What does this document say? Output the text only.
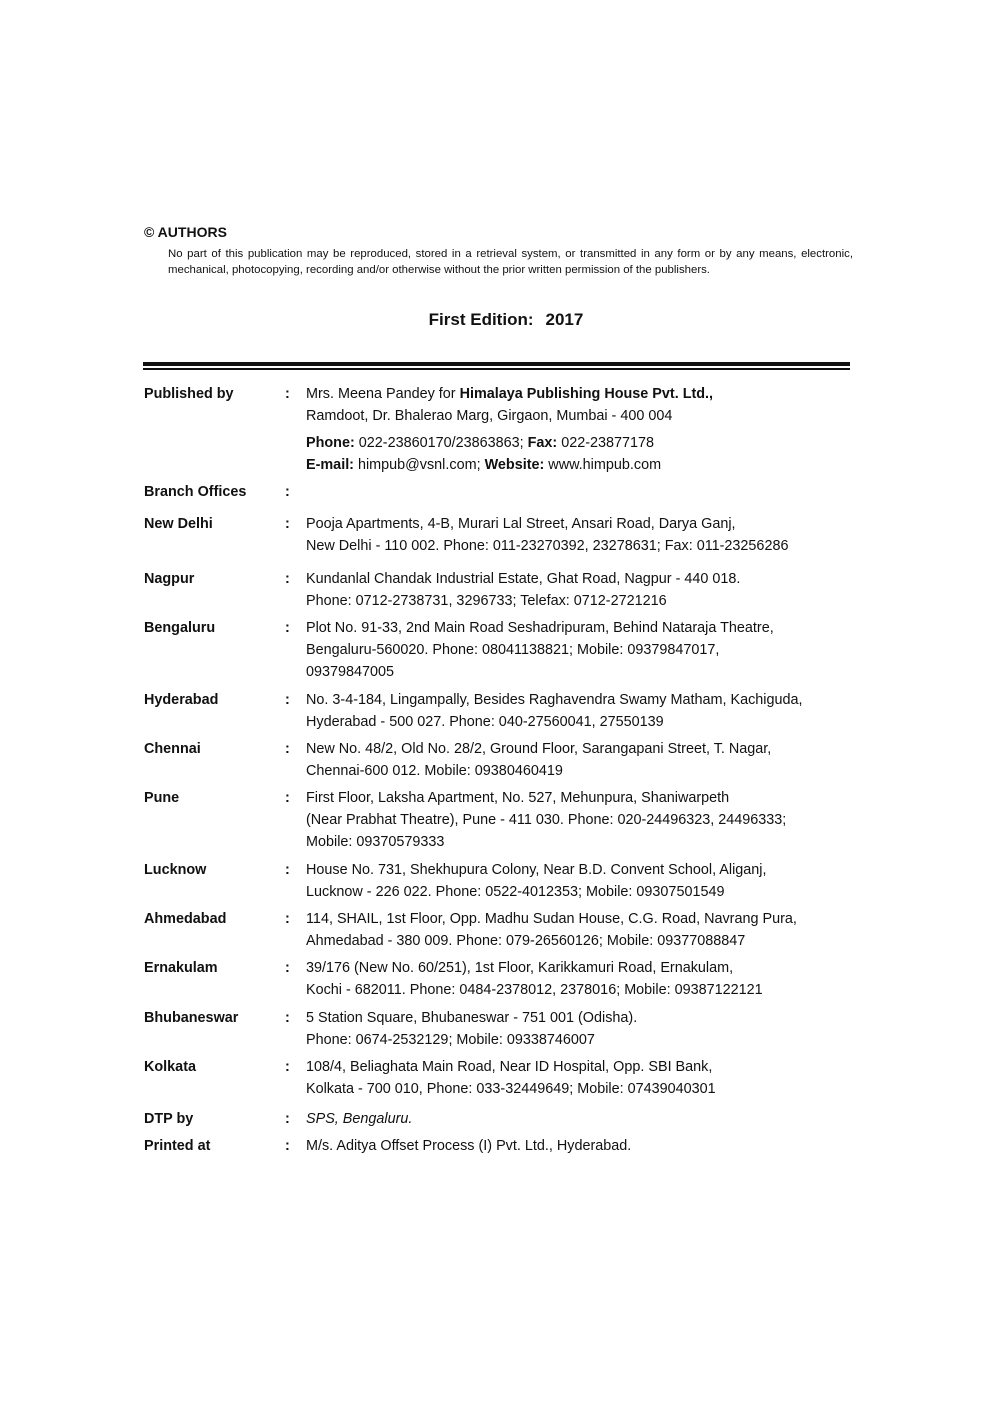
© AUTHORS
No part of this publication may be reproduced, stored in a retrieval system, or transmitted in any form or by any means, electronic, mechanical, photocopying, recording and/or otherwise without the prior written permission of the publishers.
First Edition: 2017
Published by	: Mrs. Meena Pandey for Himalaya Publishing House Pvt. Ltd.,
Ramdoot, Dr. Bhalerao Marg, Girgaon, Mumbai - 400 004
Phone: 022-23860170/23863863; Fax: 022-23877178
E-mail: himpub@vsnl.com; Website: www.himpub.com
Branch Offices	:
New Delhi	: Pooja Apartments, 4-B, Murari Lal Street, Ansari Road, Darya Ganj,
New Delhi - 110 002. Phone: 011-23270392, 23278631; Fax: 011-23256286
Nagpur	: Kundanlal Chandak Industrial Estate, Ghat Road, Nagpur - 440 018.
Phone: 0712-2738731, 3296733; Telefax: 0712-2721216
Bengaluru	: Plot No. 91-33, 2nd Main Road Seshadripuram, Behind Nataraja Theatre,
Bengaluru-560020. Phone: 08041138821; Mobile: 09379847017,
09379847005
Hyderabad	: No. 3-4-184, Lingampally, Besides Raghavendra Swamy Matham, Kachiguda,
Hyderabad - 500 027. Phone: 040-27560041, 27550139
Chennai	: New No. 48/2, Old No. 28/2, Ground Floor, Sarangapani Street, T. Nagar,
Chennai-600 012. Mobile: 09380460419
Pune	: First Floor, Laksha Apartment, No. 527, Mehunpura, Shaniwarpeth
(Near Prabhat Theatre), Pune - 411 030. Phone: 020-24496323, 24496333;
Mobile: 09370579333
Lucknow	: House No. 731, Shekhupura Colony, Near B.D. Convent School, Aliganj,
Lucknow - 226 022. Phone: 0522-4012353; Mobile: 09307501549
Ahmedabad	: 114, SHAIL, 1st Floor, Opp. Madhu Sudan House, C.G. Road, Navrang Pura,
Ahmedabad - 380 009. Phone: 079-26560126; Mobile: 09377088847
Ernakulam	: 39/176 (New No. 60/251), 1st Floor, Karikkamuri Road, Ernakulam,
Kochi - 682011. Phone: 0484-2378012, 2378016; Mobile: 09387122121
Bhubaneswar	: 5 Station Square, Bhubaneswar - 751 001 (Odisha).
Phone: 0674-2532129; Mobile: 09338746007
Kolkata	: 108/4, Beliaghata Main Road, Near ID Hospital, Opp. SBI Bank,
Kolkata - 700 010, Phone: 033-32449649; Mobile: 07439040301
DTP by	: SPS, Bengaluru.
Printed at	: M/s. Aditya Offset Process (I) Pvt. Ltd., Hyderabad.
